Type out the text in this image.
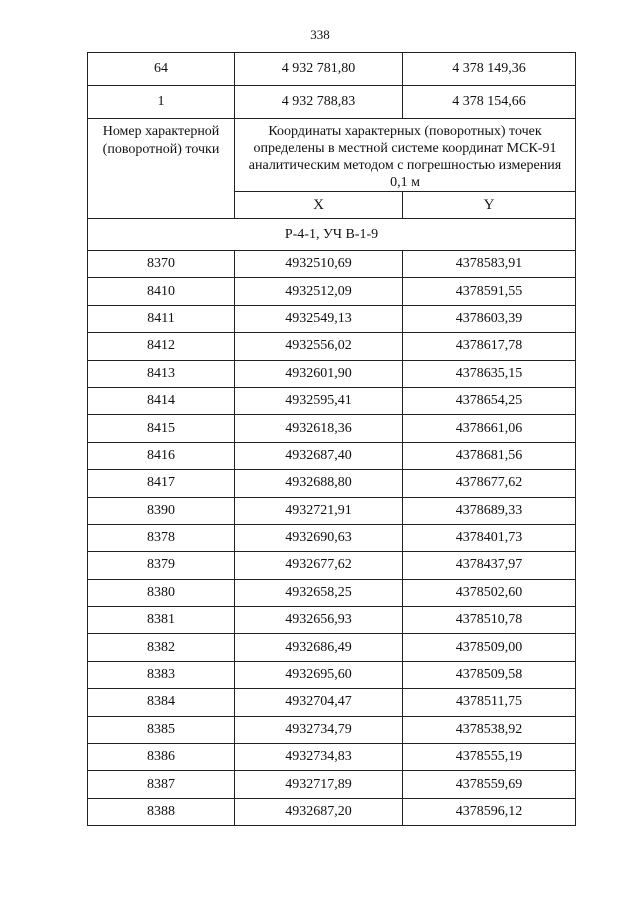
338
64	4 932 781,80	4 378 149,36
1	4 932 788,83	4 378 154,66
Номер характерной (поворотной) точки	Координаты характерных (поворотных) точек определены в местной системе координат МСК-91 аналитическим методом с погрешностью измерения 0,1 м	
	X	Y
Р-4-1, УЧ В-1-9		
8370	4932510,69	4378583,91
8410	4932512,09	4378591,55
8411	4932549,13	4378603,39
8412	4932556,02	4378617,78
8413	4932601,90	4378635,15
8414	4932595,41	4378654,25
8415	4932618,36	4378661,06
8416	4932687,40	4378681,56
8417	4932688,80	4378677,62
8390	4932721,91	4378689,33
8378	4932690,63	4378401,73
8379	4932677,62	4378437,97
8380	4932658,25	4378502,60
8381	4932656,93	4378510,78
8382	4932686,49	4378509,00
8383	4932695,60	4378509,58
8384	4932704,47	4378511,75
8385	4932734,79	4378538,92
8386	4932734,83	4378555,19
8387	4932717,89	4378559,69
8388	4932687,20	4378596,12
